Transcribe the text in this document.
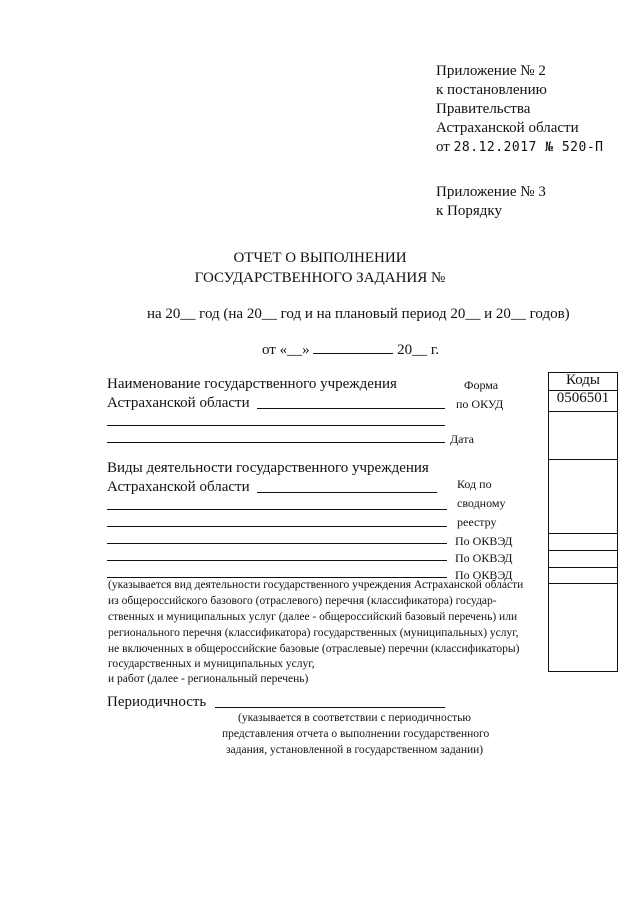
Приложение № 2
к постановлению
Правительства
Астраханской области
от 28.12.2017 № 520-П
Приложение № 3
к Порядку
ОТЧЕТ О ВЫПОЛНЕНИИ
ГОСУДАРСТВЕННОГО ЗАДАНИЯ №
на 20__ год (на 20__ год и на плановый период 20__ и 20__ годов)
от «__»	20__ г.
Наименование государственного учреждения
Астраханской области
Форма
по ОКУД
Дата
Виды деятельности государственного учреждения
Астраханской области	Код по
сводному
реестру
По ОКВЭД
По ОКВЭД
По ОКВЭД
Коды
0506501
(указывается вид деятельности государственного учреждения Астраханской области
из общероссийского базового (отраслевого) перечня (классификатора) государ-
ственных и муниципальных услуг (далее - общероссийский базовый перечень) или
регионального перечня (классификатора) государственных (муниципальных) услуг,
не включенных в общероссийские базовые (отраслевые) перечни (классификаторы)
государственных и муниципальных услуг,
и работ (далее - региональный перечень)
Периодичность
(указывается в соответствии с периодичностью
представления отчета о выполнении государственного
задания, установленной в государственном задании)
